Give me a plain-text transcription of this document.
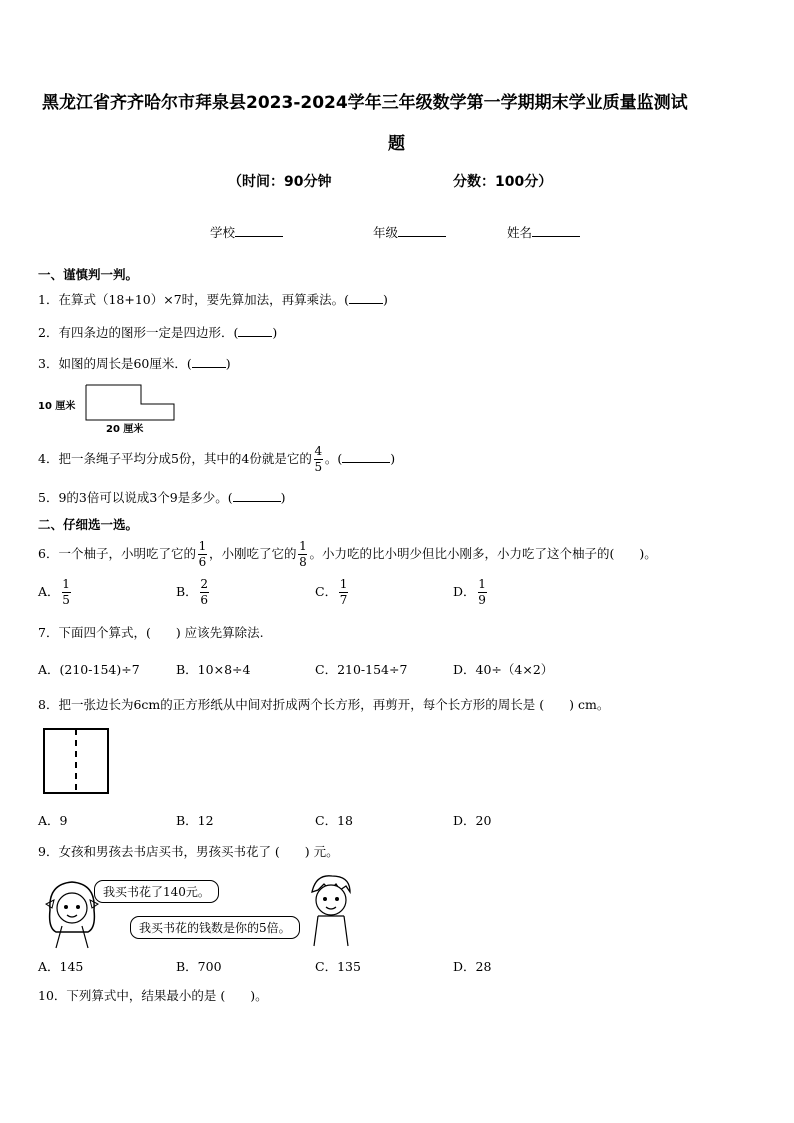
黑龙江省齐齐哈尔市拜泉县2023-2024学年三年级数学第一学期期末学业质量监测试
题
（时间：90分钟	分数：100分）
学校	年级	姓名
一、谨慎判一判。
1．在算式（18+10）×7时，要先算加法，再算乘法。(	)
2．有四条边的图形一定是四边形．(	)
3．如图的周长是60厘米．(	)
10 厘米
20 厘米
4．把一条绳子平均分成5份，其中的4份就是它的 $\frac{4}{5}$ 。(	)
5．9的3倍可以说成3个9是多少。(	)
二、仔细选一选。
6．一个柚子，小明吃了它的 $\frac{1}{6}$ ，小刚吃了它的 $\frac{1}{8}$ 。小力吃的比小明少但比小刚多，小力吃了这个柚子的(　　)。
A． $\frac{1}{5}$	B． $\frac{2}{6}$	C． $\frac{1}{7}$	D． $\frac{1}{9}$
7．下面四个算式，(　　) 应该先算除法.
A．(210-154)÷7	B．10×8÷4	C．210-154÷7	D．40÷（4×2）
8．把一张边长为6cm的正方形纸从中间对折成两个长方形，再剪开，每个长方形的周长是 (　　) cm。
A．9	B．12	C．18	D．20
9．女孩和男孩去书店买书，男孩买书花了 (　　) 元。
我买书花了140元。
我买书花的钱数是你的5倍。
A．145	B．700	C．135	D．28
10．下列算式中，结果最小的是 (　　)。
